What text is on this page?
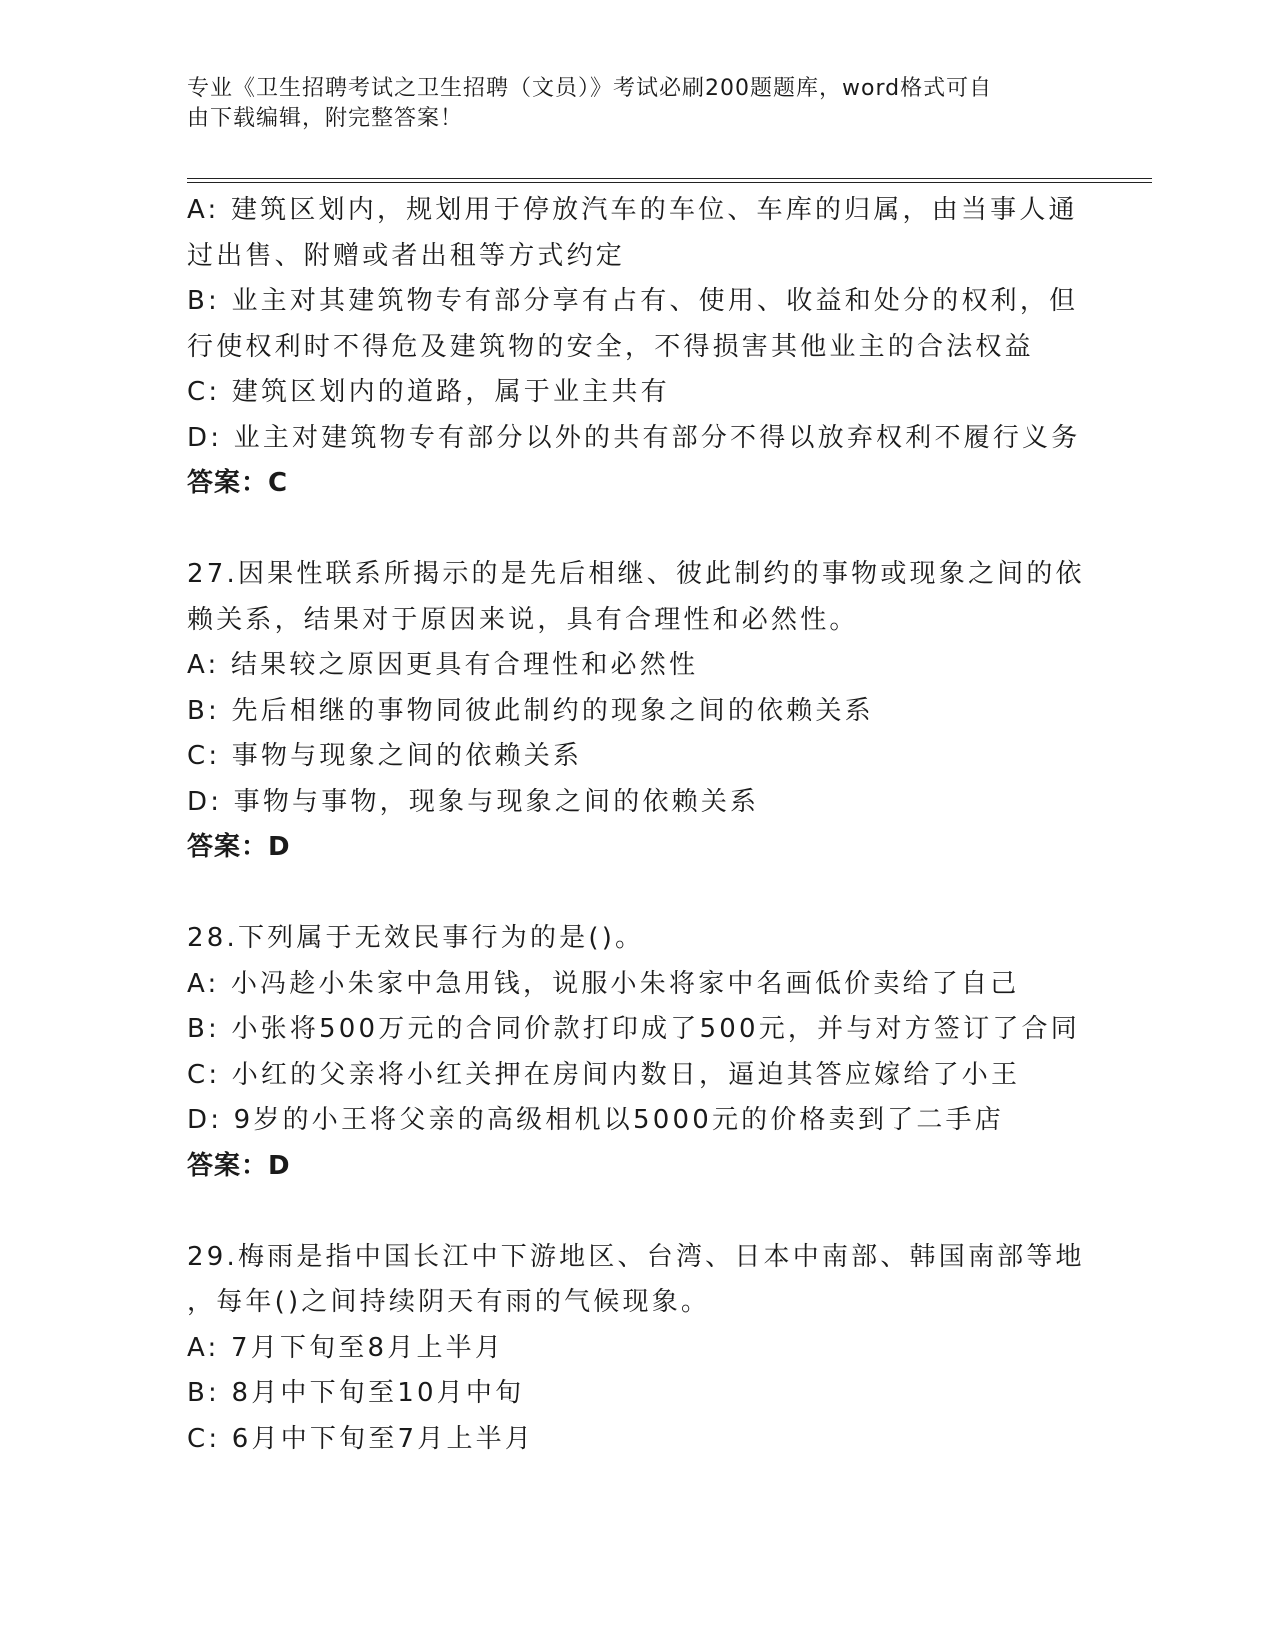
专业《卫生招聘考试之卫生招聘（文员）》考试必刷200题题库，word格式可自
由下载编辑，附完整答案！
A: 建筑区划内，规划用于停放汽车的车位、车库的归属，由当事人通
过出售、附赠或者出租等方式约定
B: 业主对其建筑物专有部分享有占有、使用、收益和处分的权利，但
行使权利时不得危及建筑物的安全，不得损害其他业主的合法权益
C: 建筑区划内的道路，属于业主共有
D: 业主对建筑物专有部分以外的共有部分不得以放弃权利不履行义务
答案：C
27.因果性联系所揭示的是先后相继、彼此制约的事物或现象之间的依
赖关系，结果对于原因来说，具有合理性和必然性。
A: 结果较之原因更具有合理性和必然性
B: 先后相继的事物同彼此制约的现象之间的依赖关系
C: 事物与现象之间的依赖关系
D: 事物与事物，现象与现象之间的依赖关系
答案：D
28.下列属于无效民事行为的是()。
A: 小冯趁小朱家中急用钱，说服小朱将家中名画低价卖给了自己
B: 小张将500万元的合同价款打印成了500元，并与对方签订了合同
C: 小红的父亲将小红关押在房间内数日，逼迫其答应嫁给了小王
D: 9岁的小王将父亲的高级相机以5000元的价格卖到了二手店
答案：D
29.梅雨是指中国长江中下游地区、台湾、日本中南部、韩国南部等地
，每年()之间持续阴天有雨的气候现象。
A: 7月下旬至8月上半月
B: 8月中下旬至10月中旬
C: 6月中下旬至7月上半月
